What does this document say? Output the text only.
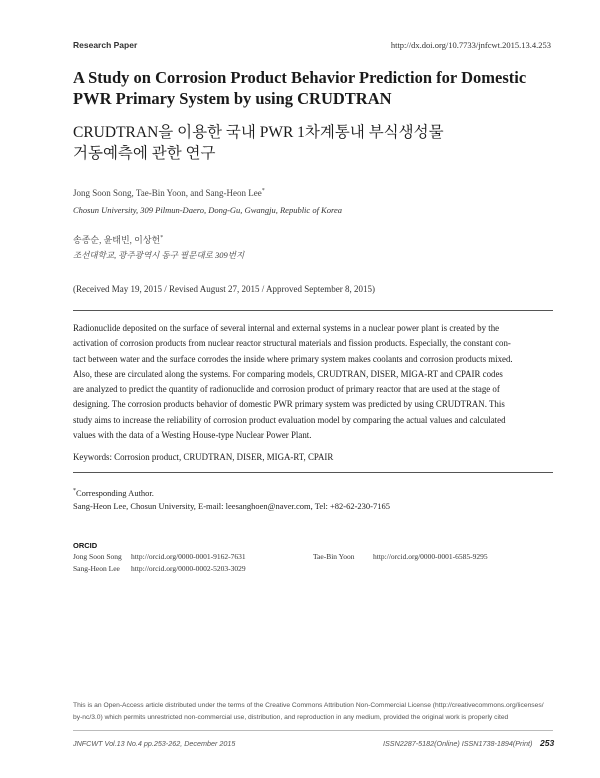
Research Paper	http://dx.doi.org/10.7733/jnfcwt.2015.13.4.253
A Study on Corrosion Product Behavior Prediction for Domestic
PWR Primary System by using CRUDTRAN
CRUDTRAN을 이용한 국내 PWR 1차계통내 부식생성물
거동예측에 관한 연구
Jong Soon Song, Tae-Bin Yoon, and Sang-Heon Lee*
Chosun University, 309 Pilmun-Daero, Dong-Gu, Gwangju, Republic of Korea
송종순, 윤태빈, 이상헌*
조선대학교, 광주광역시 동구 필문대로 309번지
(Received May 19, 2015 / Revised August 27, 2015 / Approved September 8, 2015)
Radionuclide deposited on the surface of several internal and external systems in a nuclear power plant is created by the
activation of corrosion products from nuclear reactor structural materials and fission products. Especially, the constant con-
tact between water and the surface corrodes the inside where primary system makes coolants and corrosion products mixed.
Also, these are circulated along the systems. For comparing models, CRUDTRAN, DISER, MIGA-RT and CPAIR codes
are analyzed to predict the quantity of radionuclide and corrosion product of primary reactor that are used at the stage of
designing. The corrosion products behavior of domestic PWR primary system was predicted by using CRUDTRAN. This
study aims to increase the reliability of corrosion product evaluation model by comparing the actual values and calculated
values with the data of a Westing House-type Nuclear Power Plant.
Keywords: Corrosion product, CRUDTRAN, DISER, MIGA-RT, CPAIR
*Corresponding Author.
Sang-Heon Lee, Chosun University, E-mail: leesanghoen@naver.com, Tel: +82-62-230-7165
ORCID
Jong Soon Song http://orcid.org/0000-0001-9162-7631	Tae-Bin Yoon http://orcid.org/0000-0001-6585-9295
Sang-Heon Lee http://orcid.org/0000-0002-5203-3029
This is an Open-Access article distributed under the terms of the Creative Commons Attribution Non-Commercial License (http://creativecommons.org/licenses/
by-nc/3.0) which permits unrestricted non-commercial use, distribution, and reproduction in any medium, provided the original work is properly cited
JNFCWT Vol.13 No.4 pp.253-262, December 2015	ISSN2287-5182(Online) ISSN1738-1894(Print) 253
